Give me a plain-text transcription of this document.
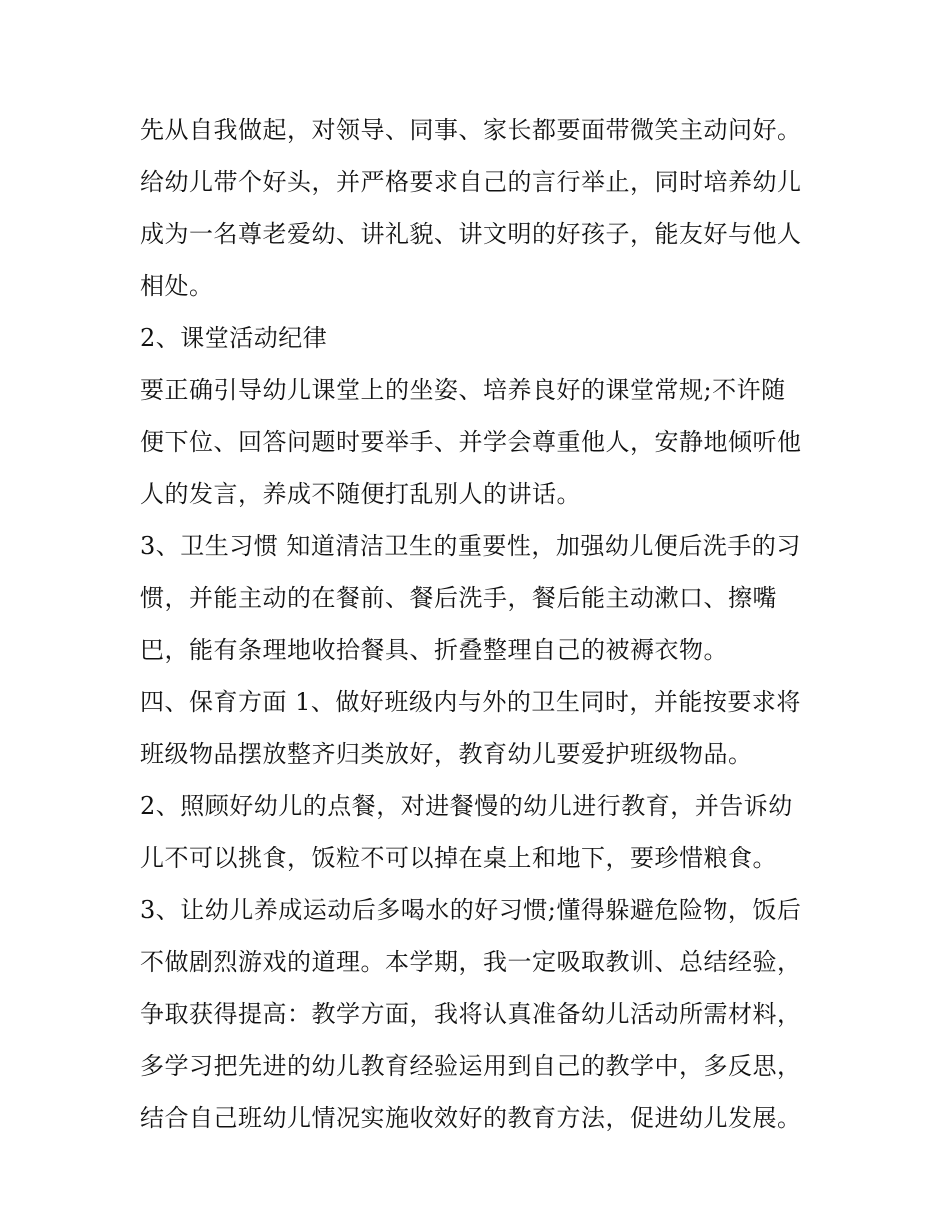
先从自我做起，对领导、同事、家长都要面带微笑主动问好。

给幼儿带个好头，并严格要求自己的言行举止，同时培养幼儿

成为一名尊老爱幼、讲礼貌、讲文明的好孩子，能友好与他人

相处。

2、课堂活动纪律

要正确引导幼儿课堂上的坐姿、培养良好的课堂常规;不许随

便下位、回答问题时要举手、并学会尊重他人，安静地倾听他

人的发言，养成不随便打乱别人的讲话。

3、卫生习惯 知道清洁卫生的重要性，加强幼儿便后洗手的习

惯，并能主动的在餐前、餐后洗手，餐后能主动漱口、擦嘴

巴，能有条理地收拾餐具、折叠整理自己的被褥衣物。

四、保育方面 1、做好班级内与外的卫生同时，并能按要求将

班级物品摆放整齐归类放好，教育幼儿要爱护班级物品。

2、照顾好幼儿的点餐，对进餐慢的幼儿进行教育，并告诉幼

儿不可以挑食，饭粒不可以掉在桌上和地下，要珍惜粮食。

3、让幼儿养成运动后多喝水的好习惯;懂得躲避危险物，饭后

不做剧烈游戏的道理。本学期，我一定吸取教训、总结经验，

争取获得提高：教学方面，我将认真准备幼儿活动所需材料，

多学习把先进的幼儿教育经验运用到自己的教学中，多反思，

结合自己班幼儿情况实施收效好的教育方法，促进幼儿发展。
